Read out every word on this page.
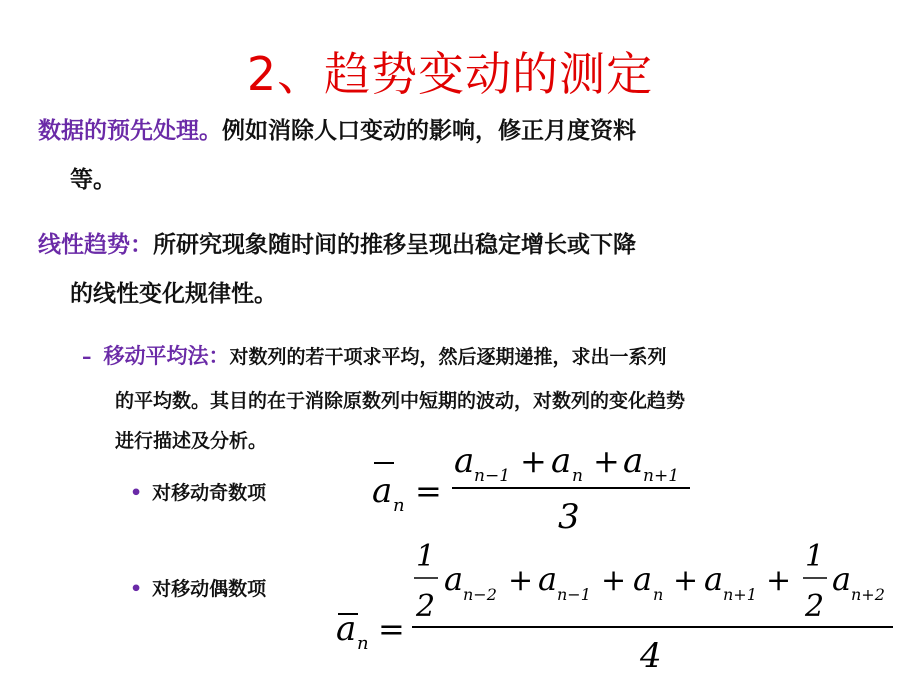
2、趋势变动的测定
数据的预先处理。例如消除人口变动的影响，修正月度资料
等。
线性趋势：所研究现象随时间的推移呈现出稳定增长或下降
的线性变化规律性。
– 移动平均法：对数列的若干项求平均，然后逐期递推，求出一系列
的平均数。其目的在于消除原数列中短期的波动，对数列的变化趋势
进行描述及分析。
• 对移动奇数项
• 对移动偶数项
a n =
a n−1 + a n + a n+1
3
a n =
1
2
a n−2 + a n−1 + a n + a n+1 +
1
2
a n+2
4
